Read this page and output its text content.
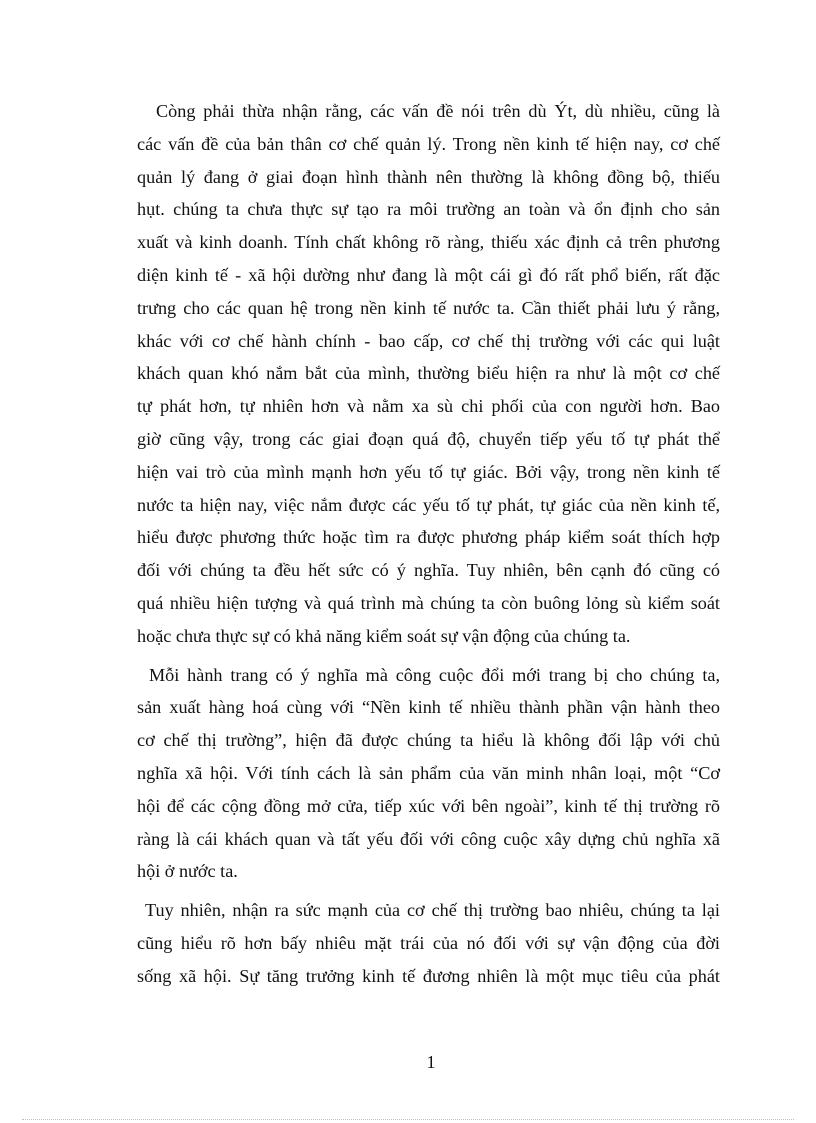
Còng phải thừa nhận rằng, các vấn đề nói trên dù Ýt, dù nhiều, cũng là
các vấn đề của bản thân cơ chế quản lý. Trong nền kinh tế hiện nay, cơ chế
quản lý đang ở giai đoạn hình thành nên thường là không đồng bộ, thiếu
hụt. chúng ta chưa thực sự tạo ra môi trường an toàn và ổn định cho sản
xuất và kinh doanh. Tính chất không rõ ràng, thiếu xác định cả trên phương
diện kinh tế - xã hội dường như đang là một cái gì đó rất phổ biến, rất đặc
trưng cho các quan hệ trong nền kinh tế nước ta. Cần thiết phải lưu ý rằng,
khác với cơ chế hành chính - bao cấp, cơ chế thị trường với các qui luật
khách quan khó nắm bắt của mình, thường biểu hiện ra như là một cơ chế
tự phát hơn, tự nhiên hơn và nằm xa sù chi phối của con người hơn. Bao
giờ cũng vậy, trong các giai đoạn quá độ, chuyển tiếp yếu tố tự phát thể
hiện vai trò của mình mạnh hơn yếu tố tự giác. Bởi vậy, trong nền kinh tế
nước ta hiện nay, việc nắm được các yếu tố tự phát, tự giác của nền kinh tế,
hiểu được phương thức hoặc tìm ra được phương pháp kiểm soát thích hợp
đối với chúng ta đều hết sức có ý nghĩa. Tuy nhiên, bên cạnh đó cũng có
quá nhiều hiện tượng và quá trình mà chúng ta còn buông lỏng sù kiểm soát
hoặc chưa thực sự có khả năng kiểm soát sự vận động của chúng ta.

Mỗi hành trang có ý nghĩa mà công cuộc đổi mới trang bị cho chúng ta,
sản xuất hàng hoá cùng với “Nền kinh tế nhiều thành phần vận hành theo
cơ chế thị trường”, hiện đã được chúng ta hiểu là không đối lập với chủ
nghĩa xã hội. Với tính cách là sản phẩm của văn minh nhân loại, một “Cơ
hội để các cộng đồng mở cửa, tiếp xúc với bên ngoài”, kinh tế thị trường rõ
ràng là cái khách quan và tất yếu đối với công cuộc xây dựng chủ nghĩa xã
hội ở nước ta.

Tuy nhiên, nhận ra sức mạnh của cơ chế thị trường bao nhiêu, chúng ta lại
cũng hiểu rõ hơn bấy nhiêu mặt trái của nó đối với sự vận động của đời
sống xã hội. Sự tăng trưởng kinh tế đương nhiên là một mục tiêu của phát

1
